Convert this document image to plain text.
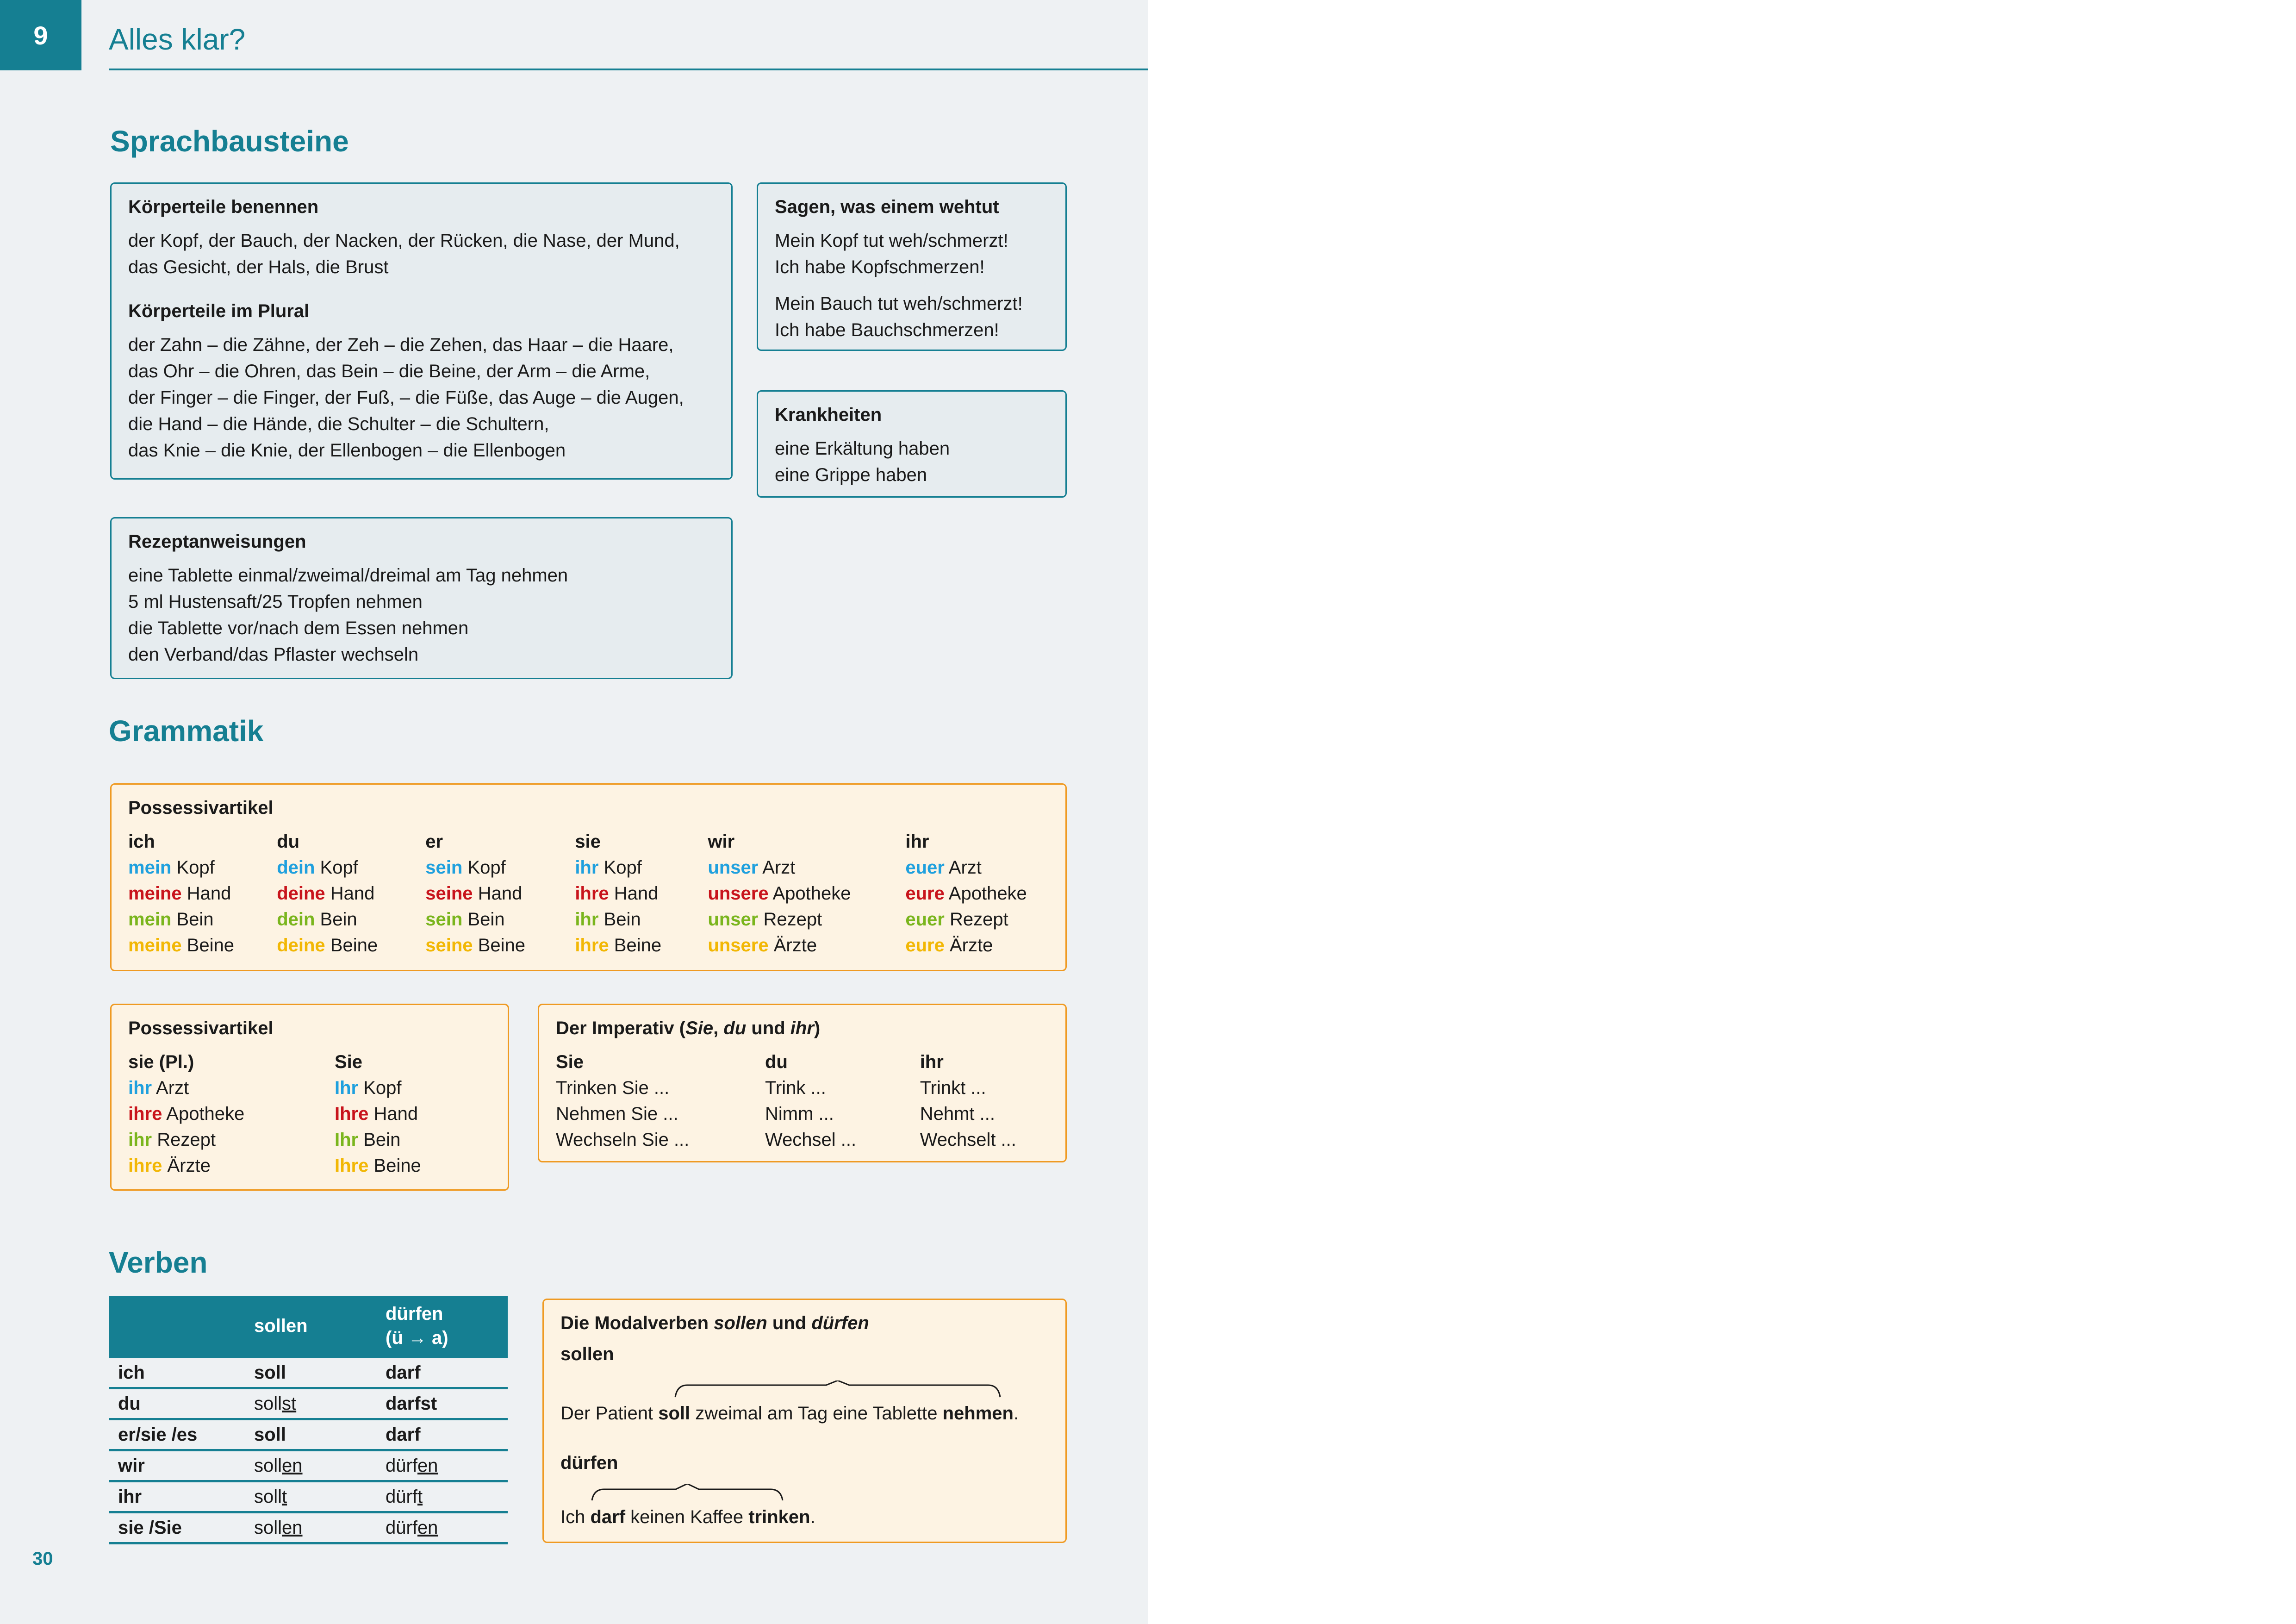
9 Alles klar?
Sprachbausteine
Körperteile benennen

der Kopf, der Bauch, der Nacken, der Rücken, die Nase, der Mund,

das Gesicht, der Hals, die Brust

Körperteile im Plural

der Zahn – die Zähne, der Zeh – die Zehen, das Haar – die Haare,

das Ohr – die Ohren, das Bein – die Beine, der Arm – die Arme,

der Finger – die Finger, der Fuß, – die Füße, das Auge – die Augen,

die Hand – die Hände, die Schulter – die Schultern,

das Knie – die Knie, der Ellenbogen – die Ellenbogen

Sagen, was einem wehtut

Mein Kopf tut weh/schmerzt!

Ich habe Kopfschmerzen!

Mein Bauch tut weh/schmerzt!

Ich habe Bauchschmerzen!

Krankheiten

eine Erkältung haben

eine Grippe haben

Rezeptanweisungen

eine Tablette einmal/zweimal/dreimal am Tag nehmen

5 ml Hustensaft/25 Tropfen nehmen

die Tablette vor/nach dem Essen nehmen

den Verband/das Pflaster wechseln

Grammatik
Possessivartikel
ich	du	er	sie	wir	ihr
mein Kopf	dein Kopf	sein Kopf	ihr Kopf	unser Arzt	euer Arzt
meine Hand	deine Hand	seine Hand	ihre Hand	unsere Apotheke	eure Apotheke
mein Bein	dein Bein	sein Bein	ihr Bein	unser Rezept	euer Rezept
meine Beine	deine Beine	seine Beine	ihre Beine	unsere Ärzte	eure Ärzte
Possessivartikel
sie (Pl.)	Sie
ihr Arzt	Ihr Kopf
ihre Apotheke	Ihre Hand
ihr Rezept	Ihr Bein
ihre Ärzte	Ihre Beine
Der Imperativ (Sie, du und ihr)
Sie	du	ihr
Trinken Sie ...	Trink ...	Trinkt ...
Nehmen Sie ...	Nimm ...	Nehmt ...
Wechseln Sie ...	Wechsel ...	Wechselt ...
Verben
	sollen	dürfen
(ü → a)

ich	soll	darf
du	sollst	darfst
er/sie /es	soll	darf
wir	sollen	dürfen
ihr	sollt	dürft
sie /Sie	sollen	dürfen
Die Modalverben sollen und dürfen
sollen
Der Patient soll zweimal am Tag eine Tablette nehmen.
dürfen
Ich darf keinen Kaffee trinken.
30
